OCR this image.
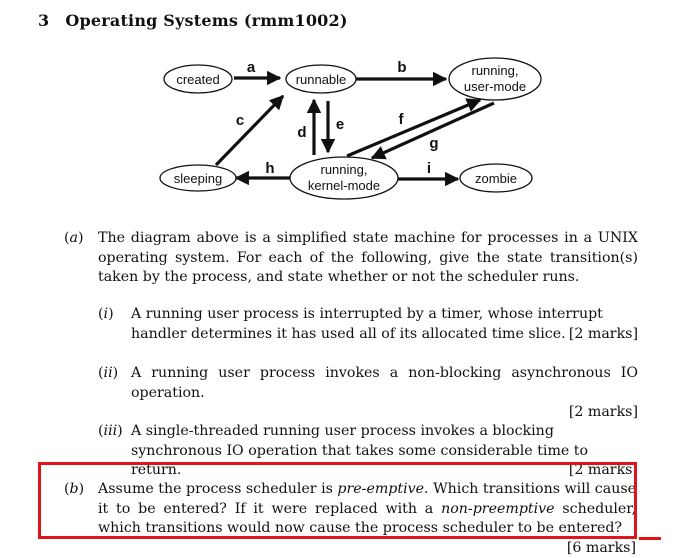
3 Operating Systems (rmm1002)
created	runnable
running,
user-mode
sleeping
running,
kernel-mode	zombie
a	b
c
d e	f
g
h	i
(a) The diagram above is a simplified state machine for processes in a UNIX operating system. For each of the following, give the state transition(s) taken by the process, and state whether or not the scheduler runs.
(i) A running user process is interrupted by a timer, whose interrupt handler determines it has used all of its allocated time slice. [2 marks]
(ii) A running user process invokes a non-blocking asynchronous IO operation.
[2 marks]
(iii) A single-threaded running user process invokes a blocking synchronous IO operation that takes some considerable time to return.	[2 marks]
(b) Assume the process scheduler is pre-emptive. Which transitions will cause it to be entered? If it were replaced with a non-preemptive scheduler, which transitions would now cause the process scheduler to be entered?
[6 marks]
